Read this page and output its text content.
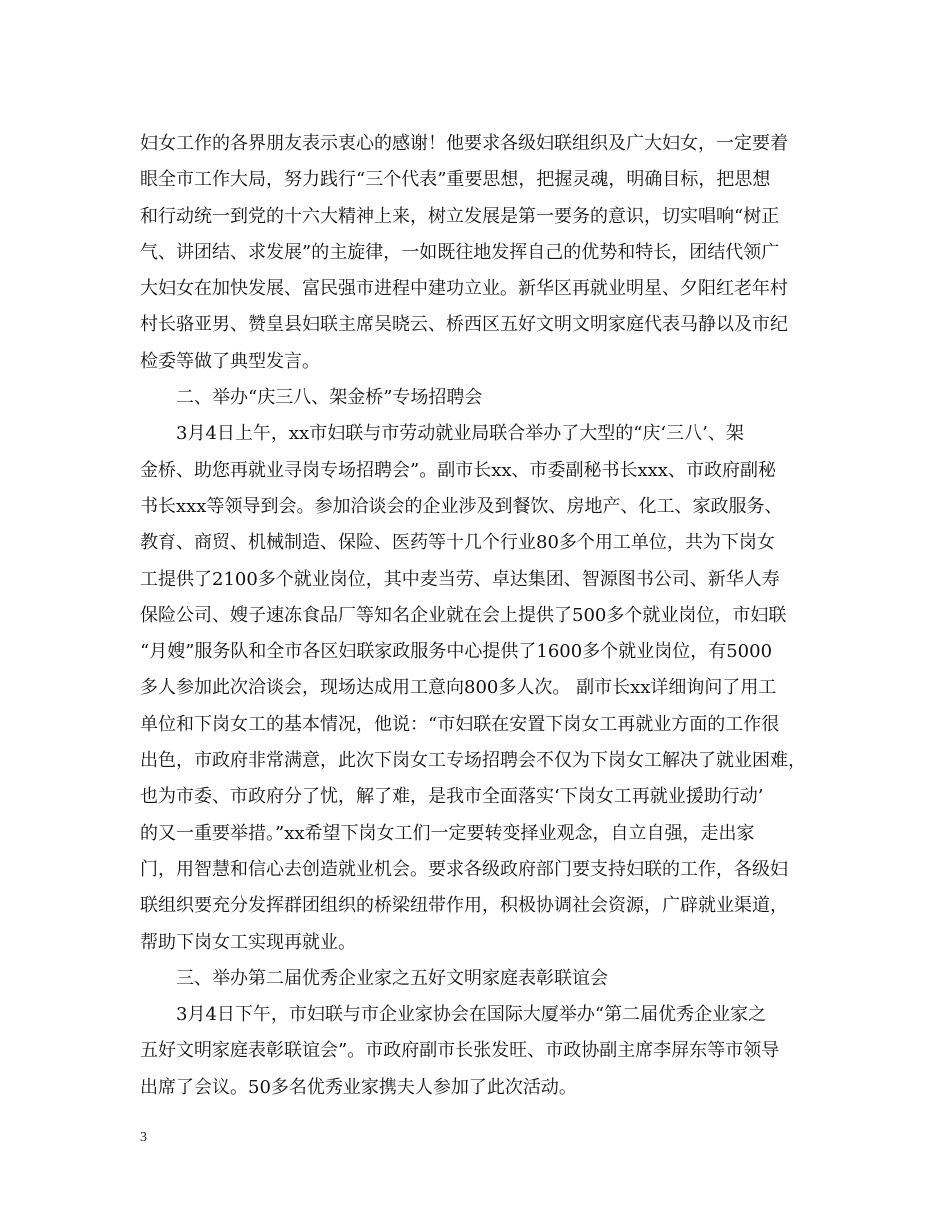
妇女工作的各界朋友表示衷心的感谢！他要求各级妇联组织及广大妇女，一定要着
眼全市工作大局，努力践行“三个代表”重要思想，把握灵魂，明确目标，把思想
和行动统一到党的十六大精神上来，树立发展是第一要务的意识，切实唱响“树正
气、讲团结、求发展”的主旋律，一如既往地发挥自己的优势和特长，团结代领广
大妇女在加快发展、富民强市进程中建功立业。新华区再就业明星、夕阳红老年村
村长骆亚男、赞皇县妇联主席吴晓云、桥西区五好文明文明家庭代表马静以及市纪
检委等做了典型发言。
二、举办“庆三八、架金桥”专场招聘会
3月4日上午，xx市妇联与市劳动就业局联合举办了大型的“庆‘三八’、架
金桥、助您再就业寻岗专场招聘会”。副市长xx、市委副秘书长xxx、市政府副秘
书长xxx等领导到会。参加洽谈会的企业涉及到餐饮、房地产、化工、家政服务、
教育、商贸、机械制造、保险、医药等十几个行业80多个用工单位，共为下岗女
工提供了2100多个就业岗位，其中麦当劳、卓达集团、智源图书公司、新华人寿
保险公司、嫂子速冻食品厂等知名企业就在会上提供了500多个就业岗位，市妇联
“月嫂”服务队和全市各区妇联家政服务中心提供了1600多个就业岗位，有5000
多人参加此次洽谈会，现场达成用工意向800多人次。 副市长xx详细询问了用工
单位和下岗女工的基本情况，他说：“市妇联在安置下岗女工再就业方面的工作很
出色，市政府非常满意，此次下岗女工专场招聘会不仅为下岗女工解决了就业困难，
也为市委、市政府分了忧，解了难，是我市全面落实‘下岗女工再就业援助行动’
的又一重要举措。”xx希望下岗女工们一定要转变择业观念，自立自强，走出家
门，用智慧和信心去创造就业机会。要求各级政府部门要支持妇联的工作，各级妇
联组织要充分发挥群团组织的桥梁纽带作用，积极协调社会资源，广辟就业渠道，
帮助下岗女工实现再就业。
三、举办第二届优秀企业家之五好文明家庭表彰联谊会
3月4日下午，市妇联与市企业家协会在国际大厦举办“第二届优秀企业家之
五好文明家庭表彰联谊会”。市政府副市长张发旺、市政协副主席李屏东等市领导
出席了会议。50多名优秀业家携夫人参加了此次活动。
3
